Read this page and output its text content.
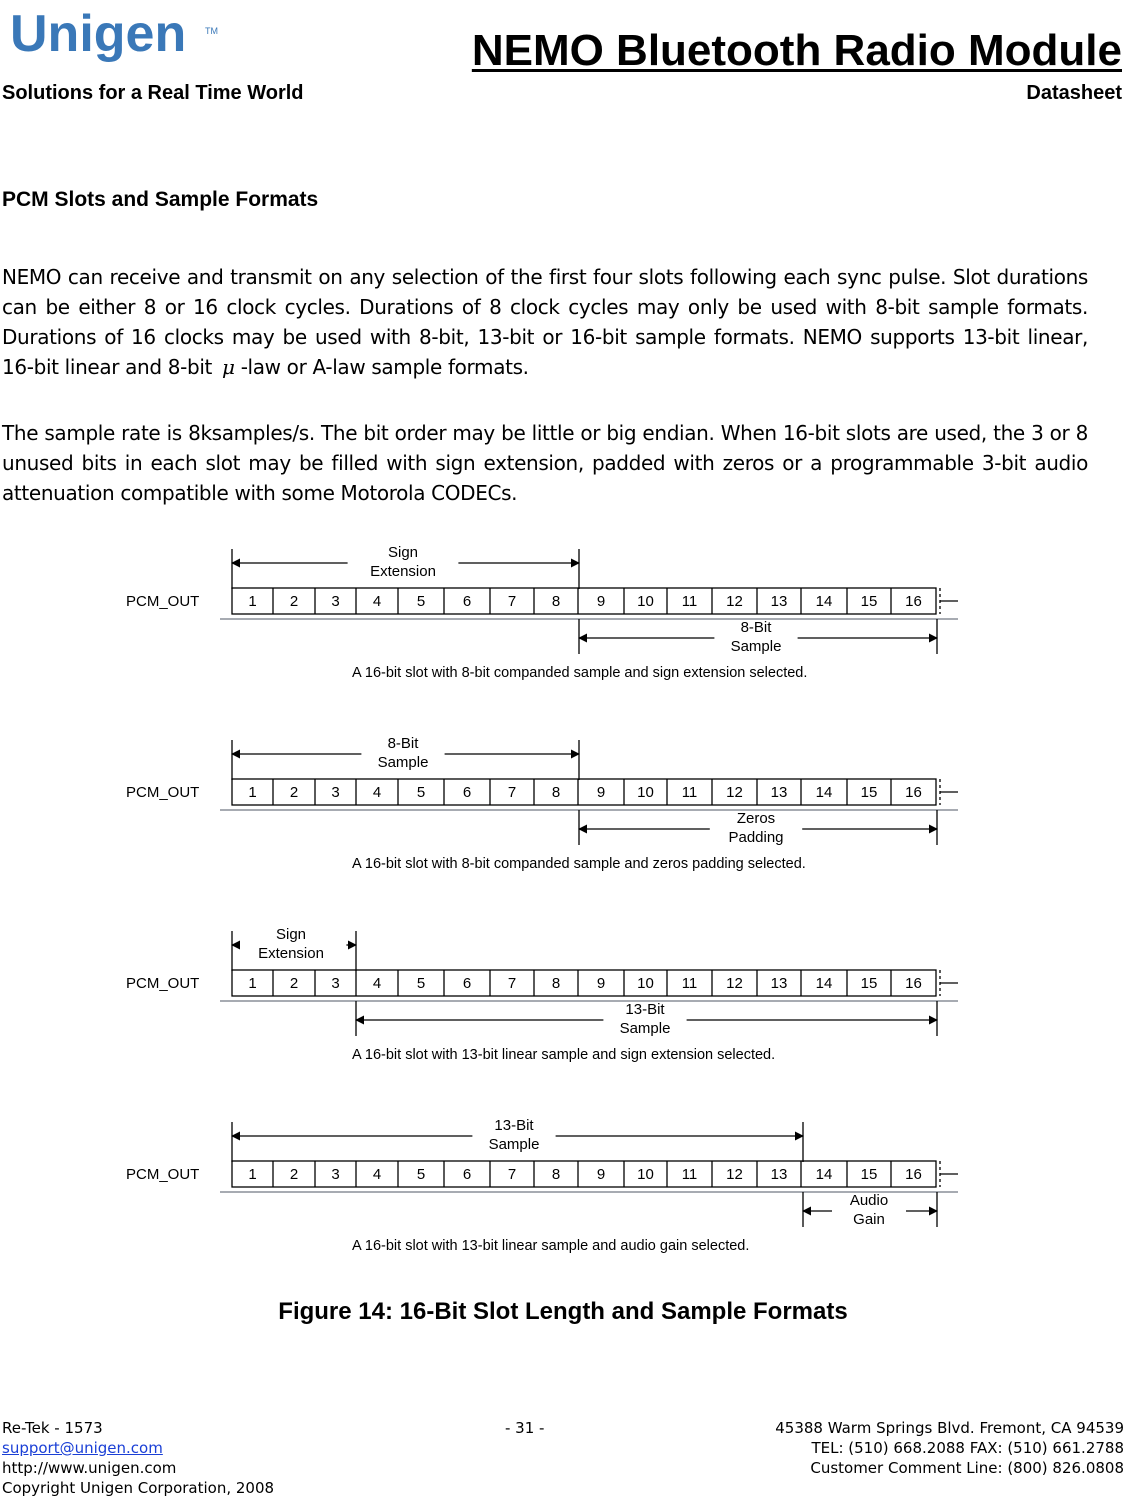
Unigen TM
Solutions for a Real Time World
NEMO Bluetooth Radio Module
Datasheet
PCM Slots and Sample Formats
NEMO can receive and transmit on any selection of the first four slots following each sync pulse. Slot durations can be either 8 or 16 clock cycles. Durations of 8 clock cycles may only be used with 8-bit sample formats. Durations of 16 clocks may be used with 8-bit, 13-bit or 16-bit sample formats. NEMO supports 13-bit linear, 16-bit linear and 8-bit μ -law or A-law sample formats.
The sample rate is 8ksamples/s. The bit order may be little or big endian. When 16-bit slots are used, the 3 or 8 unused bits in each slot may be filled with sign extension, padded with zeros or a programmable 3-bit audio attenuation compatible with some Motorola CODECs.
Sign
Extension
PCM_OUT	1 2 3 4 5	6 7 8 9 10 11 12 13 14 15 16
8-Bit
Sample
A 16-bit slot with 8-bit companded sample and sign extension selected.
8-Bit
Sample
PCM_OUT	1 2 3 4 5	6 7 8 9 10 11 12 13 14 15 16
Zeros
Padding
A 16-bit slot with 8-bit companded sample and zeros padding selected.
Sign
Extension
PCM_OUT	1 2 3 4 5	6 7 8 9 10 11 12 13 14 15 16
13-Bit
Sample
A 16-bit slot with 13-bit linear sample and sign extension selected.
13-Bit
Sample
PCM_OUT	1 2 3 4 5	6 7 8 9 10 11 12 13 14 15 16
Audio
Gain
A 16-bit slot with 13-bit linear sample and audio gain selected.
Figure 14: 16-Bit Slot Length and Sample Formats
Re-Tek - 1573
support@unigen.com
http://www.unigen.com
Copyright Unigen Corporation, 2008
- 31 -	45388 Warm Springs Blvd. Fremont, CA 94539
TEL: (510) 668.2088 FAX: (510) 661.2788
Customer Comment Line: (800) 826.0808
